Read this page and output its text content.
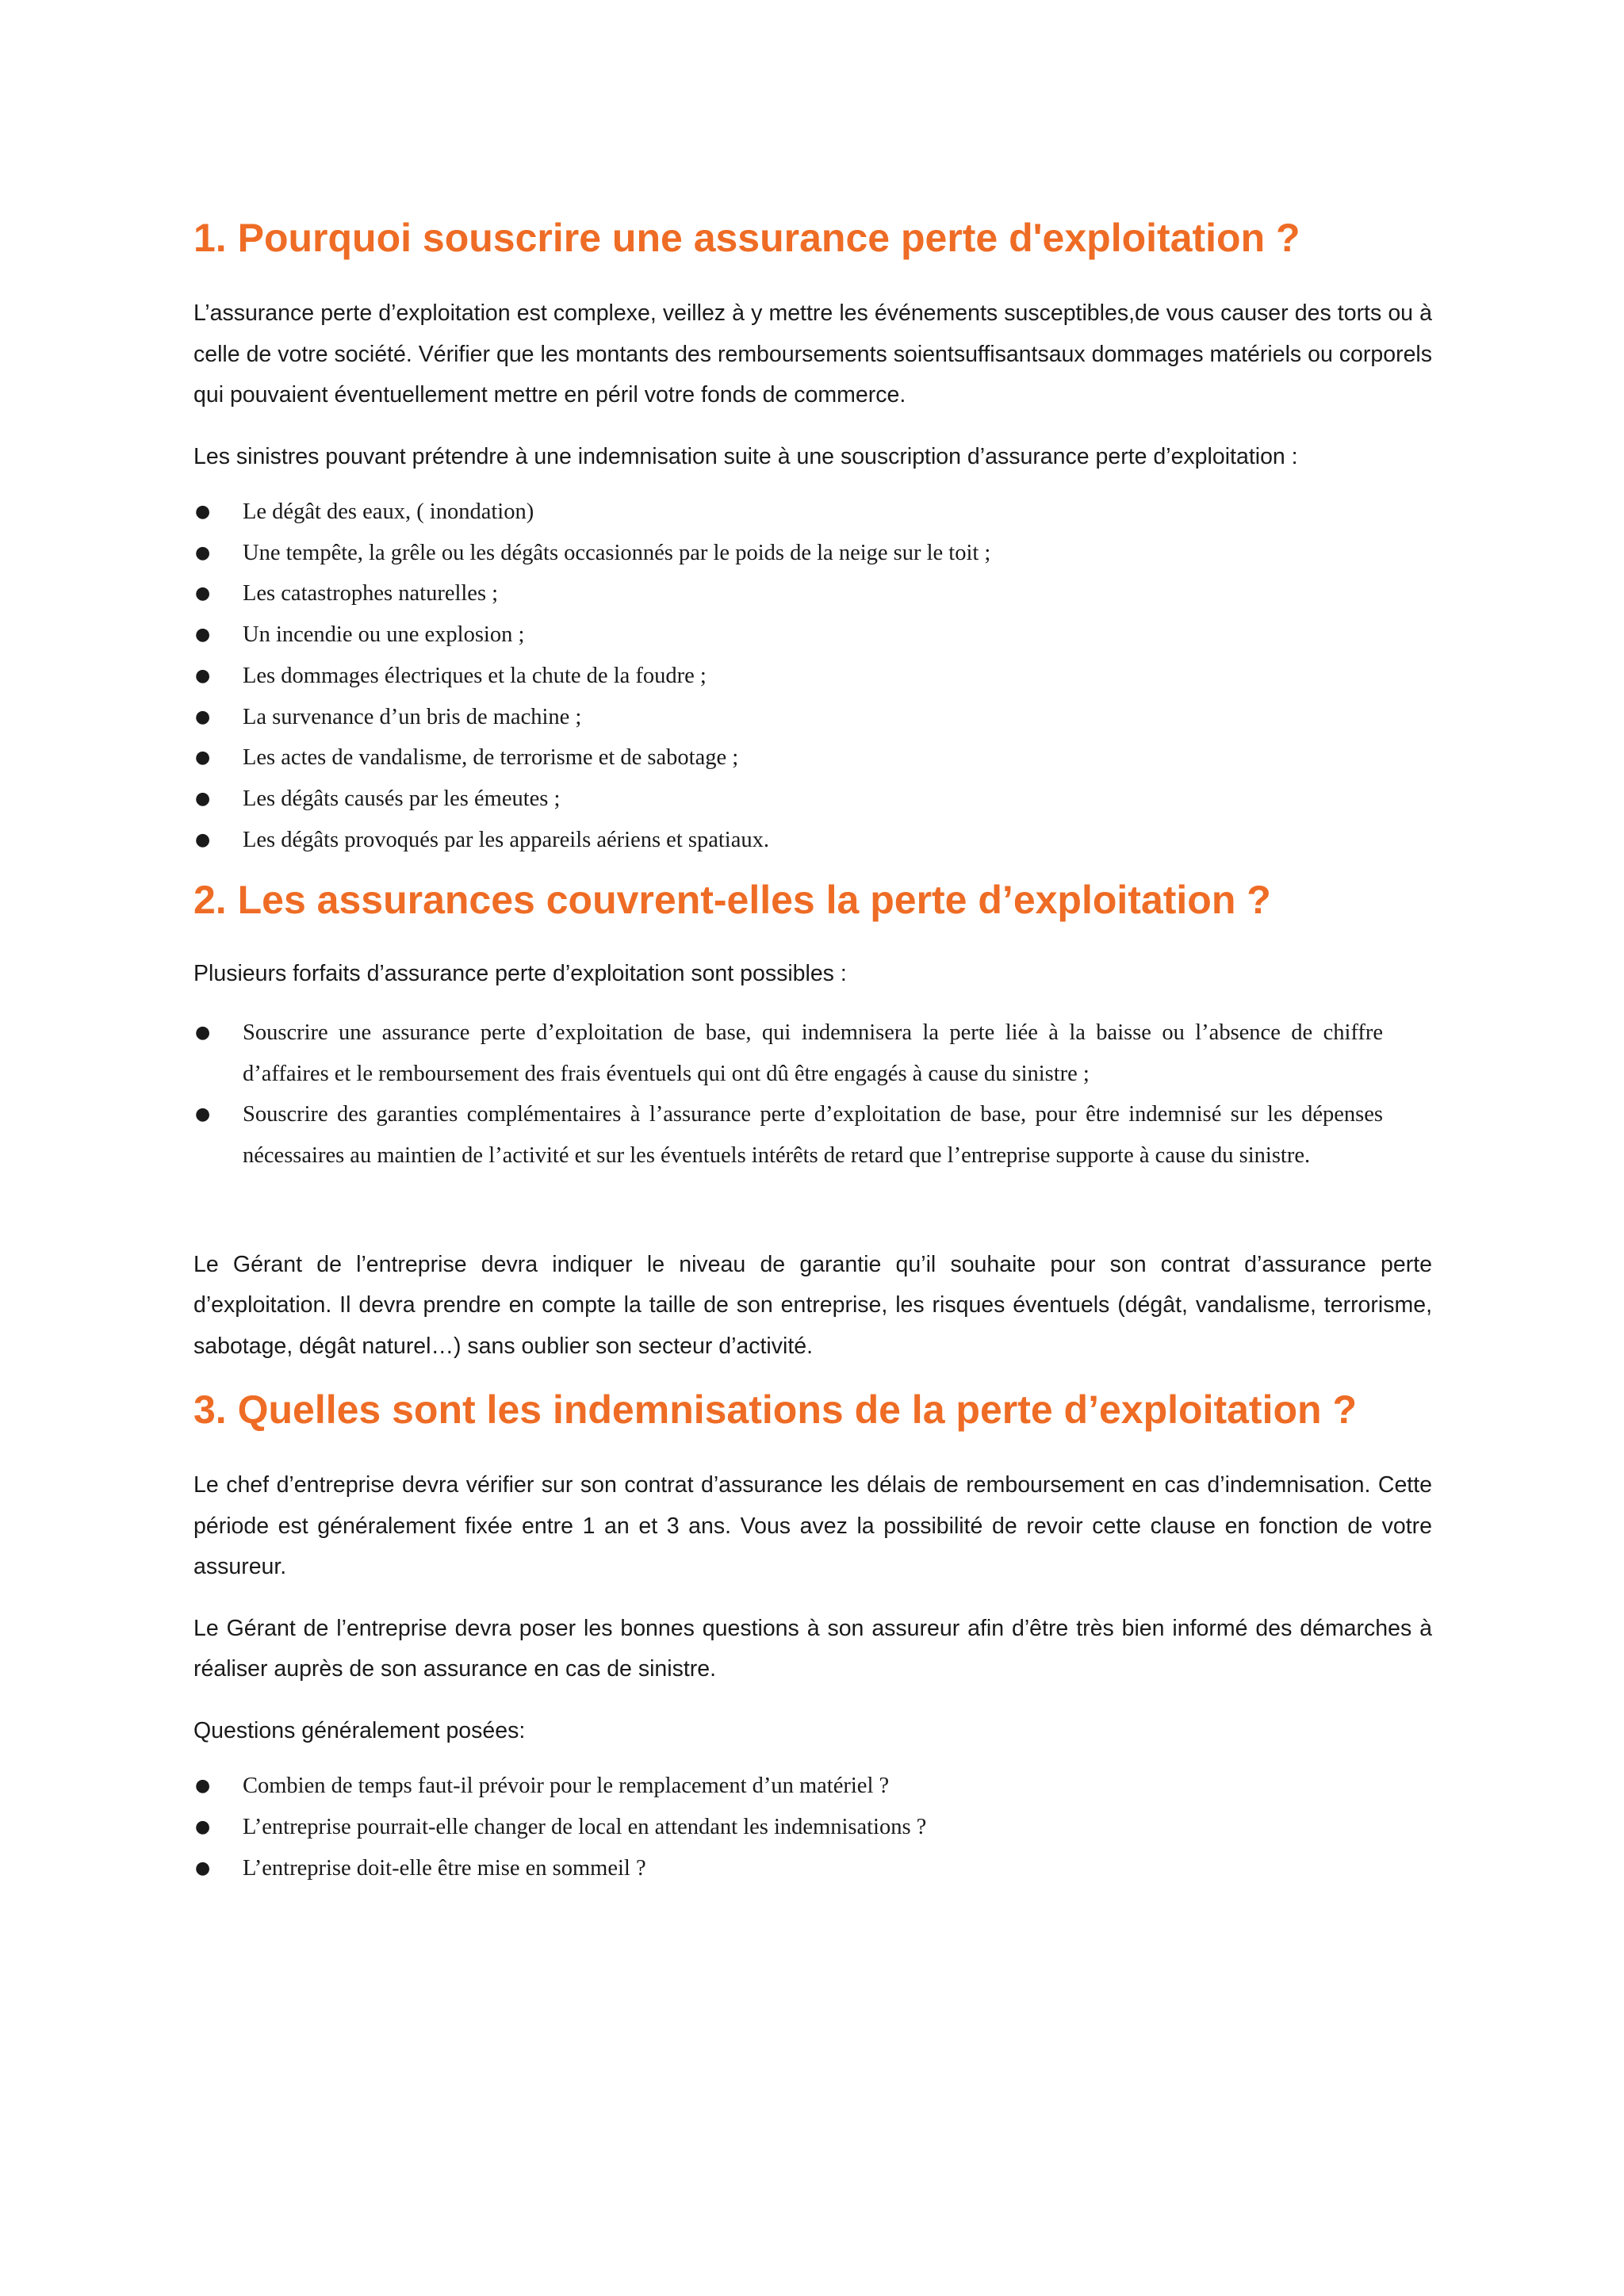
1. Pourquoi souscrire une assurance perte d'exploitation ?

L’assurance perte d’exploitation est complexe, veillez à y mettre les événements susceptibles,de vous causer des torts ou à celle de votre société. Vérifier que les montants des remboursements soientsuffisantsaux dommages matériels ou corporels qui pouvaient éventuellement mettre en péril votre fonds de commerce.

Les sinistres pouvant prétendre à une indemnisation suite à une souscription d’assurance perte d’exploitation :

● Le dégât des eaux, ( inondation)
● Une tempête, la grêle ou les dégâts occasionnés par le poids de la neige sur le toit ;
● Les catastrophes naturelles ;
● Un incendie ou une explosion ;
● Les dommages électriques et la chute de la foudre ;
● La survenance d’un bris de machine ;
● Les actes de vandalisme, de terrorisme et de sabotage ;
● Les dégâts causés par les émeutes ;
● Les dégâts provoqués par les appareils aériens et spatiaux.
2. Les assurances couvrent-elles la perte d’exploitation ?

Plusieurs forfaits d’assurance perte d’exploitation sont possibles :

● Souscrire une assurance perte d’exploitation de base, qui indemnisera la perte liée à la baisse ou l’absence de chiffre d’affaires et le remboursement des frais éventuels qui ont dû être engagés à cause du sinistre ;
● Souscrire des garanties complémentaires à l’assurance perte d’exploitation de base, pour être indemnisé sur les dépenses nécessaires au maintien de l’activité et sur les éventuels intérêts de retard que l’entreprise supporte à cause du sinistre.

Le Gérant de l’entreprise devra indiquer le niveau de garantie qu’il souhaite pour son contrat d’assurance perte d’exploitation. Il devra prendre en compte la taille de son entreprise, les risques éventuels (dégât, vandalisme, terrorisme, sabotage, dégât naturel…) sans oublier son secteur d’activité.

3. Quelles sont les indemnisations de la perte d’exploitation ?

Le chef d’entreprise devra vérifier sur son contrat d’assurance les délais de remboursement en cas d’indemnisation. Cette période est généralement fixée entre 1 an et 3 ans. Vous avez la possibilité de revoir cette clause en fonction de votre assureur.

Le Gérant de l’entreprise devra poser les bonnes questions à son assureur afin d’être très bien informé des démarches à réaliser auprès de son assurance en cas de sinistre.

Questions généralement posées:

● Combien de temps faut-il prévoir pour le remplacement d’un matériel ?
● L’entreprise pourrait-elle changer de local en attendant les indemnisations ?
● L’entreprise doit-elle être mise en sommeil ?
